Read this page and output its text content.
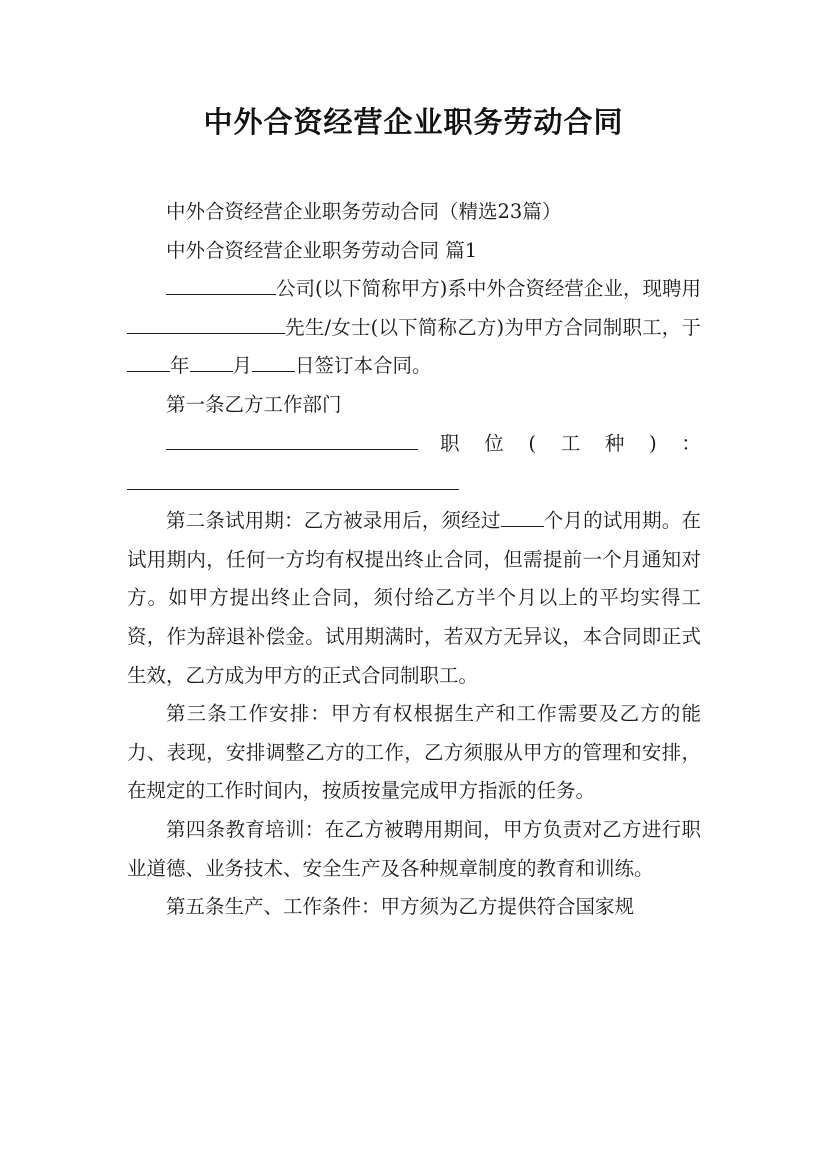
中外合资经营企业职务劳动合同

中外合资经营企业职务劳动合同（精选23篇）

中外合资经营企业职务劳动合同 篇1

公司(以下简称甲方)系中外合资经营企业，现聘用先生/女士(以下简称乙方)为甲方合同制职工，于年 月 日签订本合同。

第一条乙方工作部门

职 位 ( 工 种 ) ：

第二条试用期：乙方被录用后，须经过 个月的试用期。在试用期内，任何一方均有权提出终止合同，但需提前一个月通知对方。如甲方提出终止合同，须付给乙方半个月以上的平均实得工资，作为辞退补偿金。试用期满时，若双方无异议，本合同即正式生效，乙方成为甲方的正式合同制职工。

第三条工作安排：甲方有权根据生产和工作需要及乙方的能力、表现，安排调整乙方的工作，乙方须服从甲方的管理和安排，在规定的工作时间内，按质按量完成甲方指派的任务。

第四条教育培训：在乙方被聘用期间，甲方负责对乙方进行职业道德、业务技术、安全生产及各种规章制度的教育和训练。

第五条生产、工作条件：甲方须为乙方提供符合国家规
